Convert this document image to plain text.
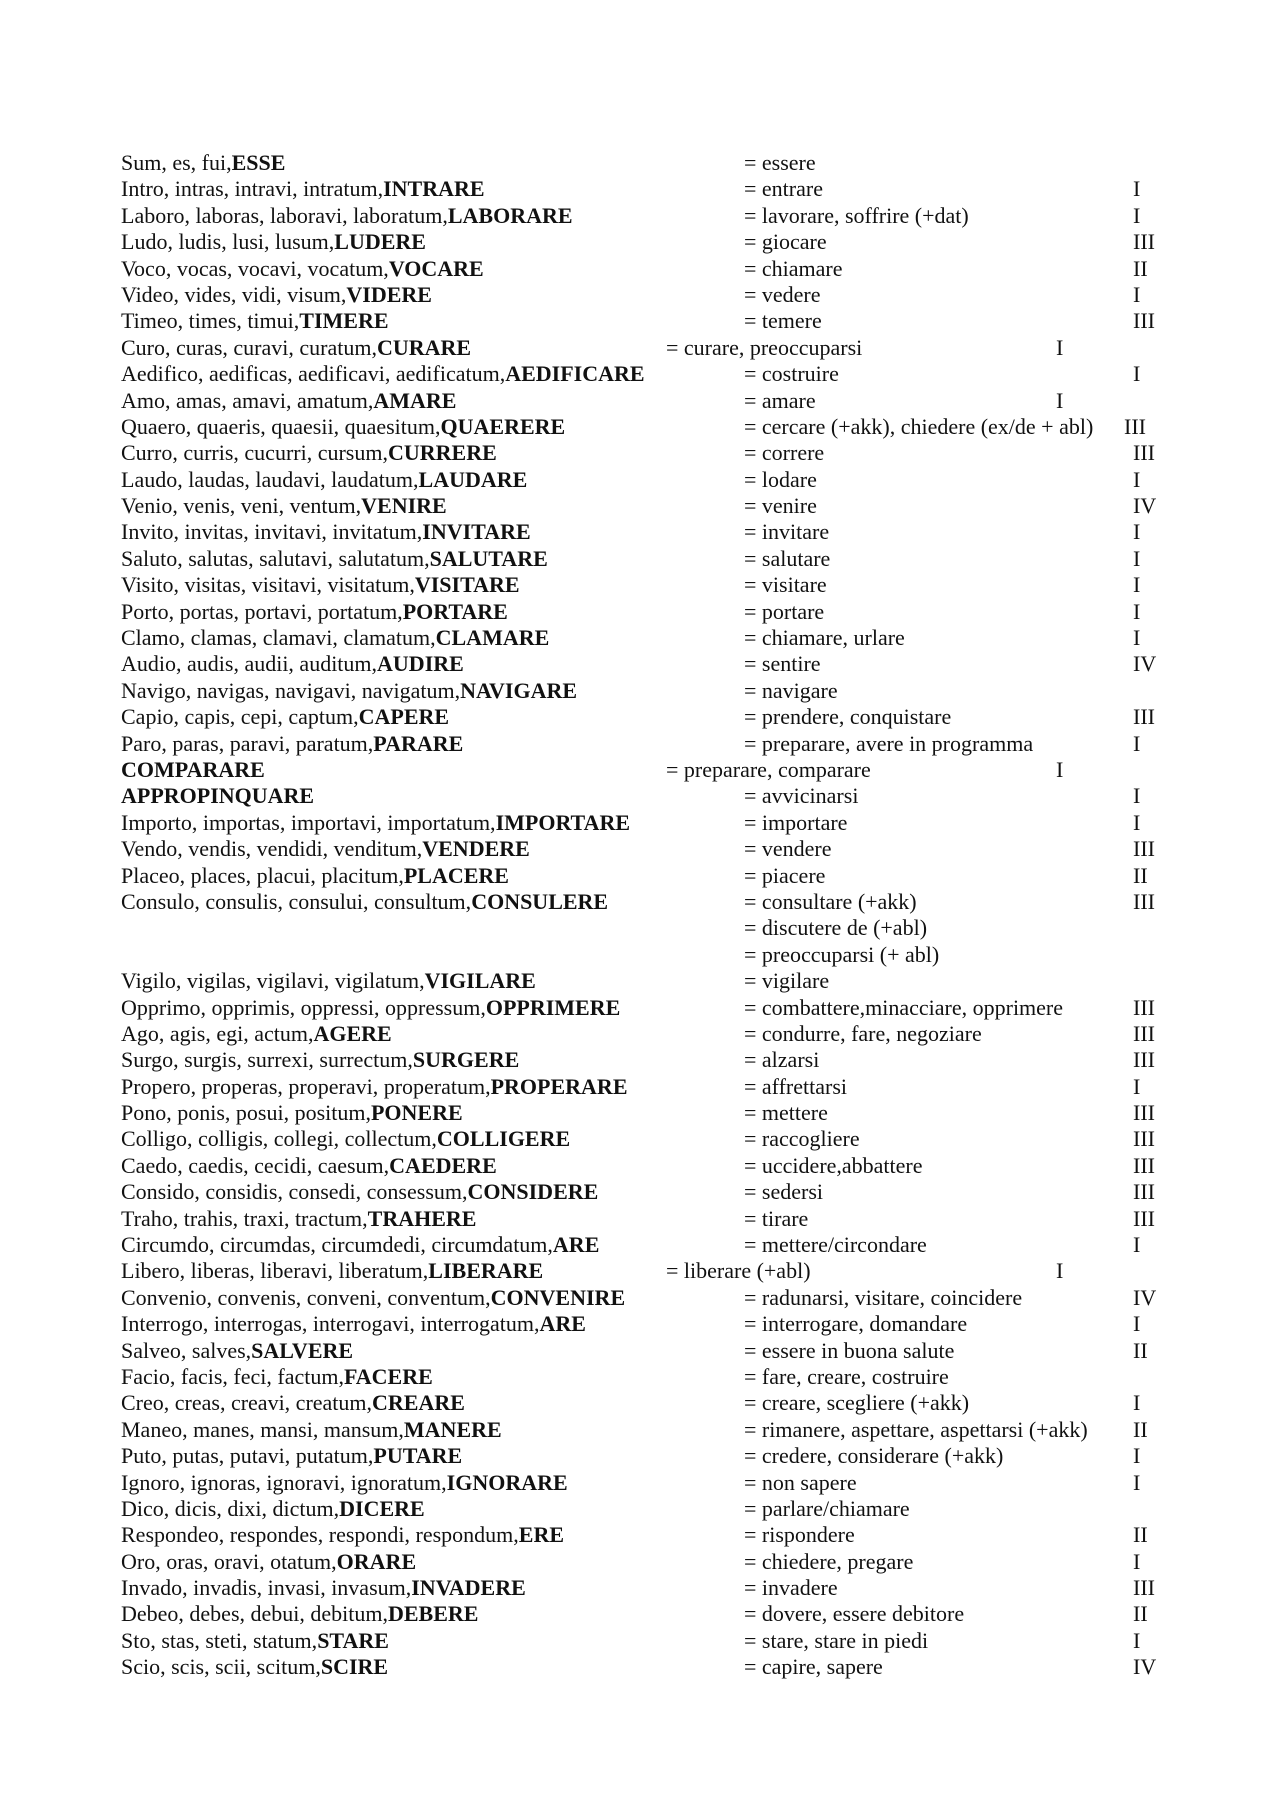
Sum, es, fui, ESSE	= essere
Intro, intras, intravi, intratum, INTRARE	= entrare	I
Laboro, laboras, laboravi, laboratum, LABORARE	= lavorare, soffrire (+dat)	I
Ludo, ludis, lusi, lusum, LUDERE	= giocare	III
Voco, vocas, vocavi, vocatum, VOCARE	= chiamare	II
Video, vides, vidi, visum, VIDERE	= vedere	I
Timeo, times, timui, TIMERE	= temere	III
Curo, curas, curavi, curatum, CURARE	= curare, preoccuparsi	I
Aedifico, aedificas, aedificavi, aedificatum, AEDIFICARE	= costruire	I
Amo, amas, amavi, amatum, AMARE	= amare	I
Quaero, quaeris, quaesii, quaesitum, QUAERERE	= cercare (+akk), chiedere (ex/de + abl) III
Curro, curris, cucurri, cursum, CURRERE	= correre	III
Laudo, laudas, laudavi, laudatum, LAUDARE	= lodare	I
Venio, venis, veni, ventum, VENIRE	= venire	IV
Invito, invitas, invitavi, invitatum, INVITARE	= invitare	I
Saluto, salutas, salutavi, salutatum, SALUTARE	= salutare	I
Visito, visitas, visitavi, visitatum, VISITARE	= visitare	I
Porto, portas, portavi, portatum, PORTARE	= portare	I
Clamo, clamas, clamavi, clamatum, CLAMARE	= chiamare, urlare	I
Audio, audis, audii, auditum, AUDIRE	= sentire	IV
Navigo, navigas, navigavi, navigatum, NAVIGARE	= navigare
Capio, capis, cepi, captum, CAPERE	= prendere, conquistare	III
Paro, paras, paravi, paratum, PARARE	= preparare, avere in programma	I
COMPARARE	= preparare, comparare	I
APPROPINQUARE	= avvicinarsi	I
Importo, importas, importavi, importatum, IMPORTARE	= importare	I
Vendo, vendis, vendidi, venditum, VENDERE	= vendere	III
Placeo, places, placui, placitum, PLACERE	= piacere	II
Consulo, consulis, consului, consultum, CONSULERE	= consultare (+akk)	III
= discutere de (+abl)
= preoccuparsi (+ abl)
Vigilo, vigilas, vigilavi, vigilatum, VIGILARE	= vigilare
Opprimo, opprimis, oppressi, oppressum, OPPRIMERE	= combattere,minacciare, opprimere	III
Ago, agis, egi, actum, AGERE	= condurre, fare, negoziare	III
Surgo, surgis, surrexi, surrectum, SURGERE	= alzarsi	III
Propero, properas, properavi, properatum, PROPERARE	= affrettarsi	I
Pono, ponis, posui, positum, PONERE	= mettere	III
Colligo, colligis, collegi, collectum, COLLIGERE	= raccogliere	III
Caedo, caedis, cecidi, caesum, CAEDERE	= uccidere,abbattere	III
Consido, considis, consedi, consessum, CONSIDERE	= sedersi	III
Traho, trahis, traxi, tractum, TRAHERE	= tirare	III
Circumdo, circumdas, circumdedi, circumdatum, ARE	= mettere/circondare	I
Libero, liberas, liberavi, liberatum, LIBERARE	= liberare (+abl)	I
Convenio, convenis, conveni, conventum, CONVENIRE	= radunarsi, visitare, coincidere	IV
Interrogo, interrogas, interrogavi, interrogatum, ARE	= interrogare, domandare	I
Salveo, salves, SALVERE	= essere in buona salute	II
Facio, facis, feci, factum, FACERE	= fare, creare, costruire
Creo, creas, creavi, creatum, CREARE	= creare, scegliere (+akk)	I
Maneo, manes, mansi, mansum, MANERE	= rimanere, aspettare, aspettarsi (+akk) II
Puto, putas, putavi, putatum, PUTARE	= credere, considerare (+akk)	I
Ignoro, ignoras, ignoravi, ignoratum, IGNORARE	= non sapere	I
Dico, dicis, dixi, dictum, DICERE	= parlare/chiamare
Respondeo, respondes, respondi, respondum, ERE	= rispondere	II
Oro, oras, oravi, otatum, ORARE	= chiedere, pregare	I
Invado, invadis, invasi, invasum, INVADERE	= invadere	III
Debeo, debes, debui, debitum, DEBERE	= dovere, essere debitore	II
Sto, stas, steti, statum, STARE	= stare, stare in piedi	I
Scio, scis, scii, scitum, SCIRE	= capire, sapere	IV
